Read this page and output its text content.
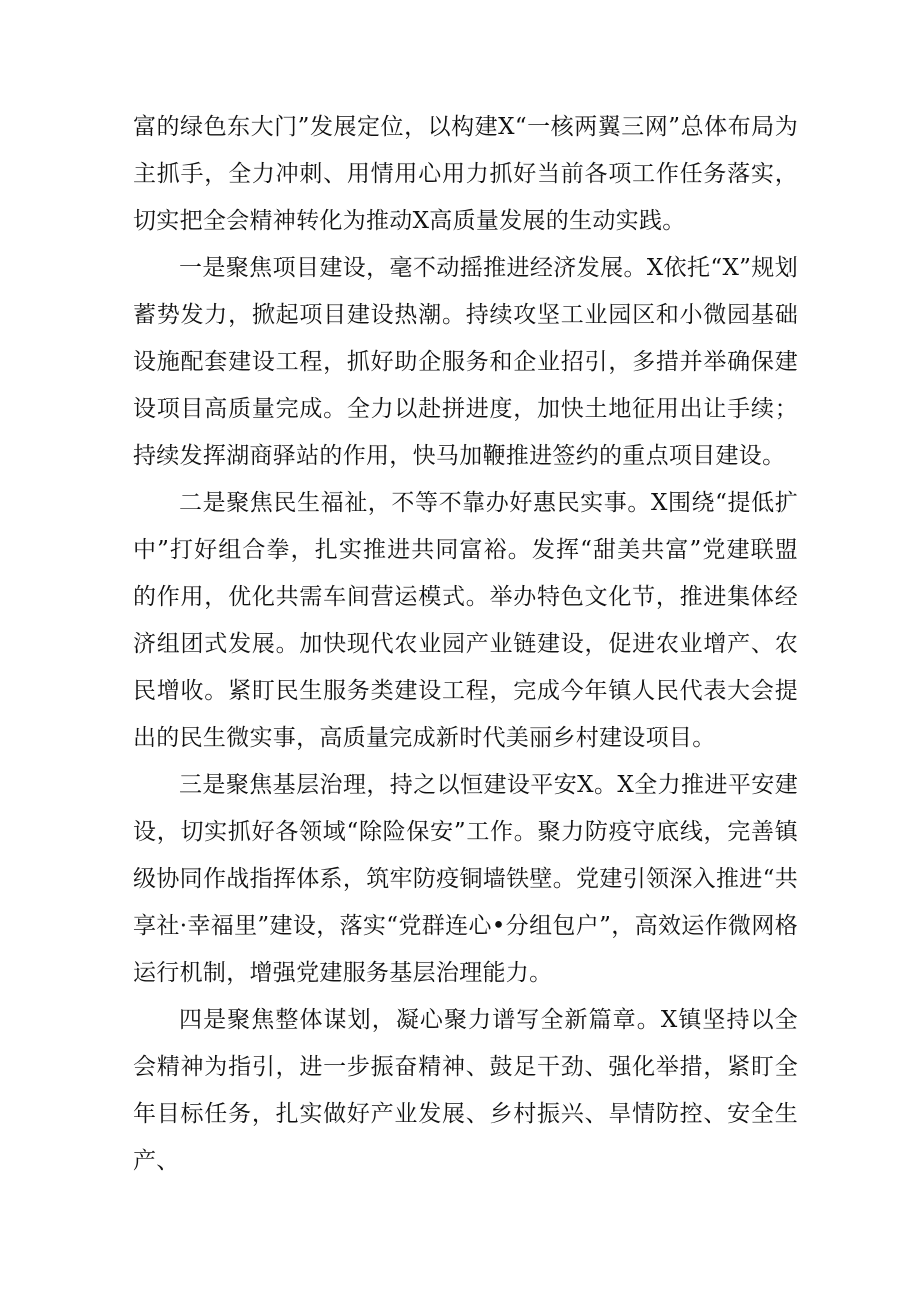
富的绿色东大门”发展定位，以构建X“一核两翼三网”总体布局为主抓手，全力冲刺、用情用心用力抓好当前各项工作任务落实，切实把全会精神转化为推动X高质量发展的生动实践。

一是聚焦项目建设，毫不动摇推进经济发展。X依托“X”规划蓄势发力，掀起项目建设热潮。持续攻坚工业园区和小微园基础设施配套建设工程，抓好助企服务和企业招引，多措并举确保建设项目高质量完成。全力以赴拼进度，加快土地征用出让手续；持续发挥湖商驿站的作用，快马加鞭推进签约的重点项目建设。

二是聚焦民生福祉，不等不靠办好惠民实事。X围绕“提低扩中”打好组合拳，扎实推进共同富裕。发挥“甜美共富”党建联盟的作用，优化共需车间营运模式。举办特色文化节，推进集体经济组团式发展。加快现代农业园产业链建设，促进农业增产、农民增收。紧盯民生服务类建设工程，完成今年镇人民代表大会提出的民生微实事，高质量完成新时代美丽乡村建设项目。

三是聚焦基层治理，持之以恒建设平安X。X全力推进平安建设，切实抓好各领域“除险保安”工作。聚力防疫守底线，完善镇级协同作战指挥体系，筑牢防疫铜墙铁壁。党建引领深入推进“共享社·幸福里”建设，落实“党群连心•分组包户”，高效运作微网格运行机制，增强党建服务基层治理能力。

四是聚焦整体谋划，凝心聚力谱写全新篇章。X镇坚持以全会精神为指引，进一步振奋精神、鼓足干劲、强化举措，紧盯全年目标任务，扎实做好产业发展、乡村振兴、旱情防控、安全生产、
